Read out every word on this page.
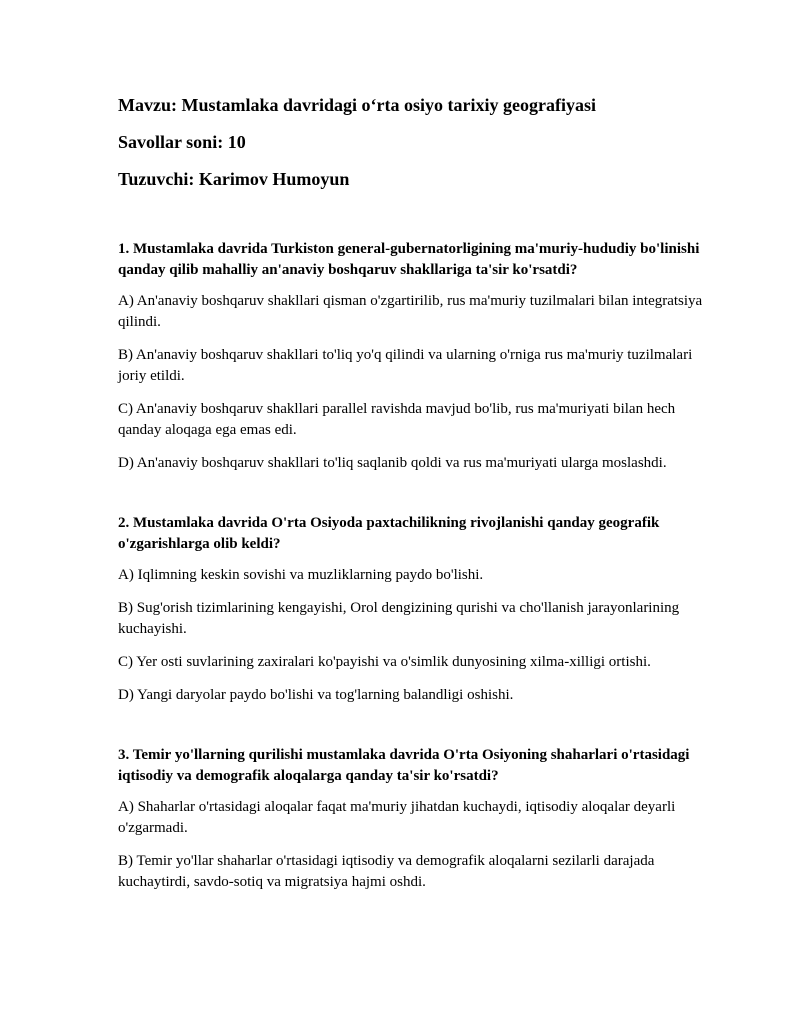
Mavzu: Mustamlaka davridagi o‘rta osiyo tarixiy geografiyasi

Savollar soni: 10

Tuzuvchi: Karimov Humoyun

1. Mustamlaka davrida Turkiston general-gubernatorligining ma'muriy-hududiy bo'linishi qanday qilib mahalliy an'anaviy boshqaruv shakllariga ta'sir ko'rsatdi?

A) An'anaviy boshqaruv shakllari qisman o'zgartirilib, rus ma'muriy tuzilmalari bilan integratsiya qilindi.

B) An'anaviy boshqaruv shakllari to'liq yo'q qilindi va ularning o'rniga rus ma'muriy tuzilmalari joriy etildi.

C) An'anaviy boshqaruv shakllari parallel ravishda mavjud bo'lib, rus ma'muriyati bilan hech qanday aloqaga ega emas edi.

D) An'anaviy boshqaruv shakllari to'liq saqlanib qoldi va rus ma'muriyati ularga moslashdi.

2. Mustamlaka davrida O'rta Osiyoda paxtachilikning rivojlanishi qanday geografik o'zgarishlarga olib keldi?

A) Iqlimning keskin sovishi va muzliklarning paydo bo'lishi.

B) Sug'orish tizimlarining kengayishi, Orol dengizining qurishi va cho'llanish jarayonlarining kuchayishi.

C) Yer osti suvlarining zaxiralari ko'payishi va o'simlik dunyosining xilma-xilligi ortishi.

D) Yangi daryolar paydo bo'lishi va tog'larning balandligi oshishi.

3. Temir yo'llarning qurilishi mustamlaka davrida O'rta Osiyoning shaharlari o'rtasidagi iqtisodiy va demografik aloqalarga qanday ta'sir ko'rsatdi?

A) Shaharlar o'rtasidagi aloqalar faqat ma'muriy jihatdan kuchaydi, iqtisodiy aloqalar deyarli o'zgarmadi.

B) Temir yo'llar shaharlar o'rtasidagi iqtisodiy va demografik aloqalarni sezilarli darajada kuchaytirdi, savdo-sotiq va migratsiya hajmi oshdi.
